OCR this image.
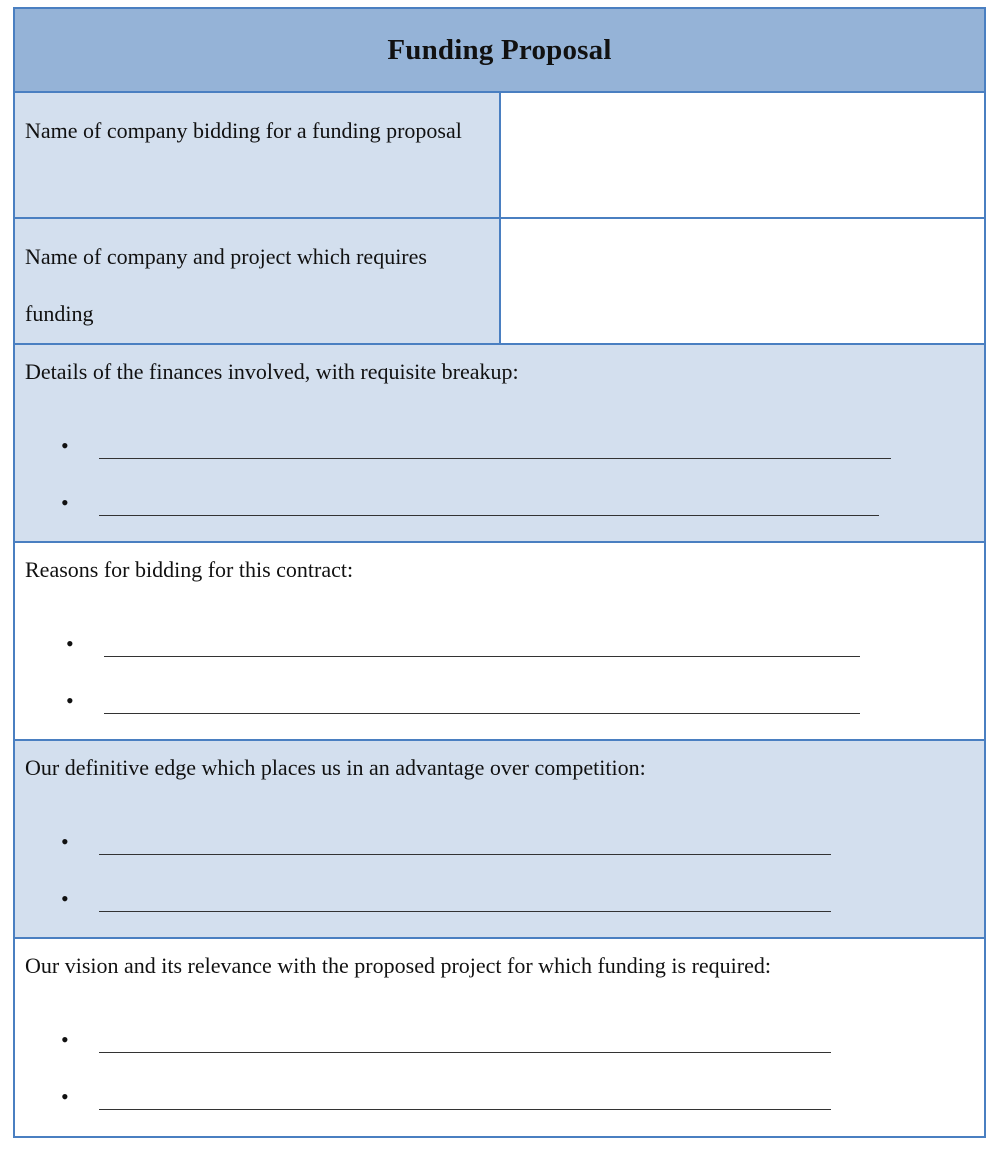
Funding Proposal
Name of company bidding for a funding proposal
Name of company and project which requires funding
Details of the finances involved, with requisite breakup:
•
•
Reasons for bidding for this contract:
•
•
Our definitive edge which places us in an advantage over competition:
•
•
Our vision and its relevance with the proposed project for which funding is required:
•
•
